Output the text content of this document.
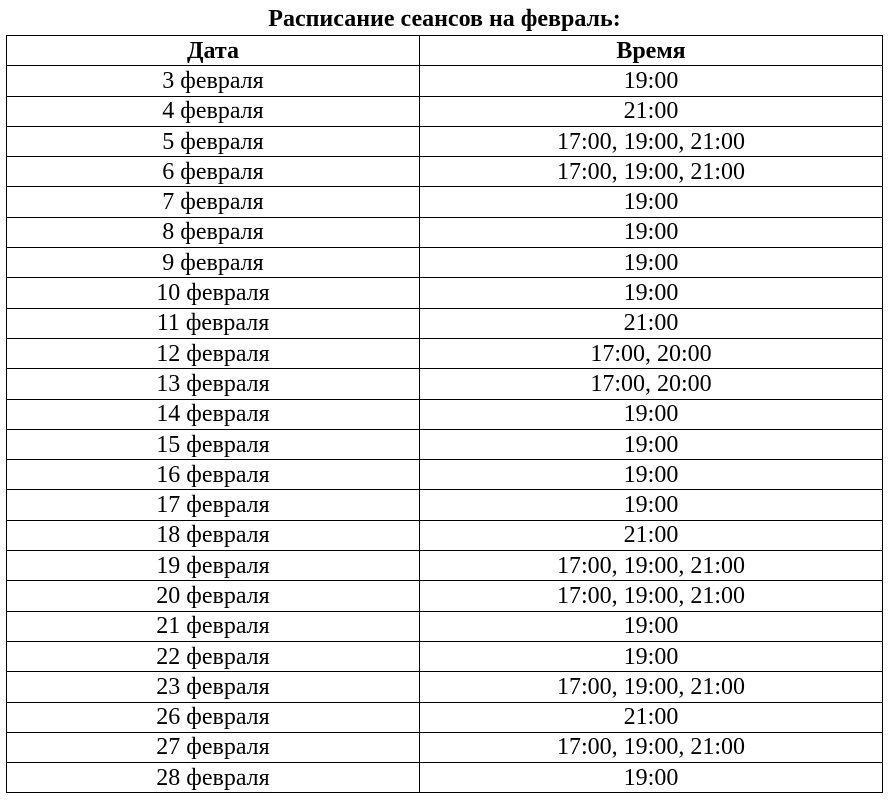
Расписание сеансов на февраль:
Дата	Время
3 февраля	19:00
4 февраля	21:00
5 февраля	17:00, 19:00, 21:00
6 февраля	17:00, 19:00, 21:00
7 февраля	19:00
8 февраля	19:00
9 февраля	19:00
10 февраля	19:00
11 февраля	21:00
12 февраля	17:00, 20:00
13 февраля	17:00, 20:00
14 февраля	19:00
15 февраля	19:00
16 февраля	19:00
17 февраля	19:00
18 февраля	21:00
19 февраля	17:00, 19:00, 21:00
20 февраля	17:00, 19:00, 21:00
21 февраля	19:00
22 февраля	19:00
23 февраля	17:00, 19:00, 21:00
26 февраля	21:00
27 февраля	17:00, 19:00, 21:00
28 февраля	19:00
